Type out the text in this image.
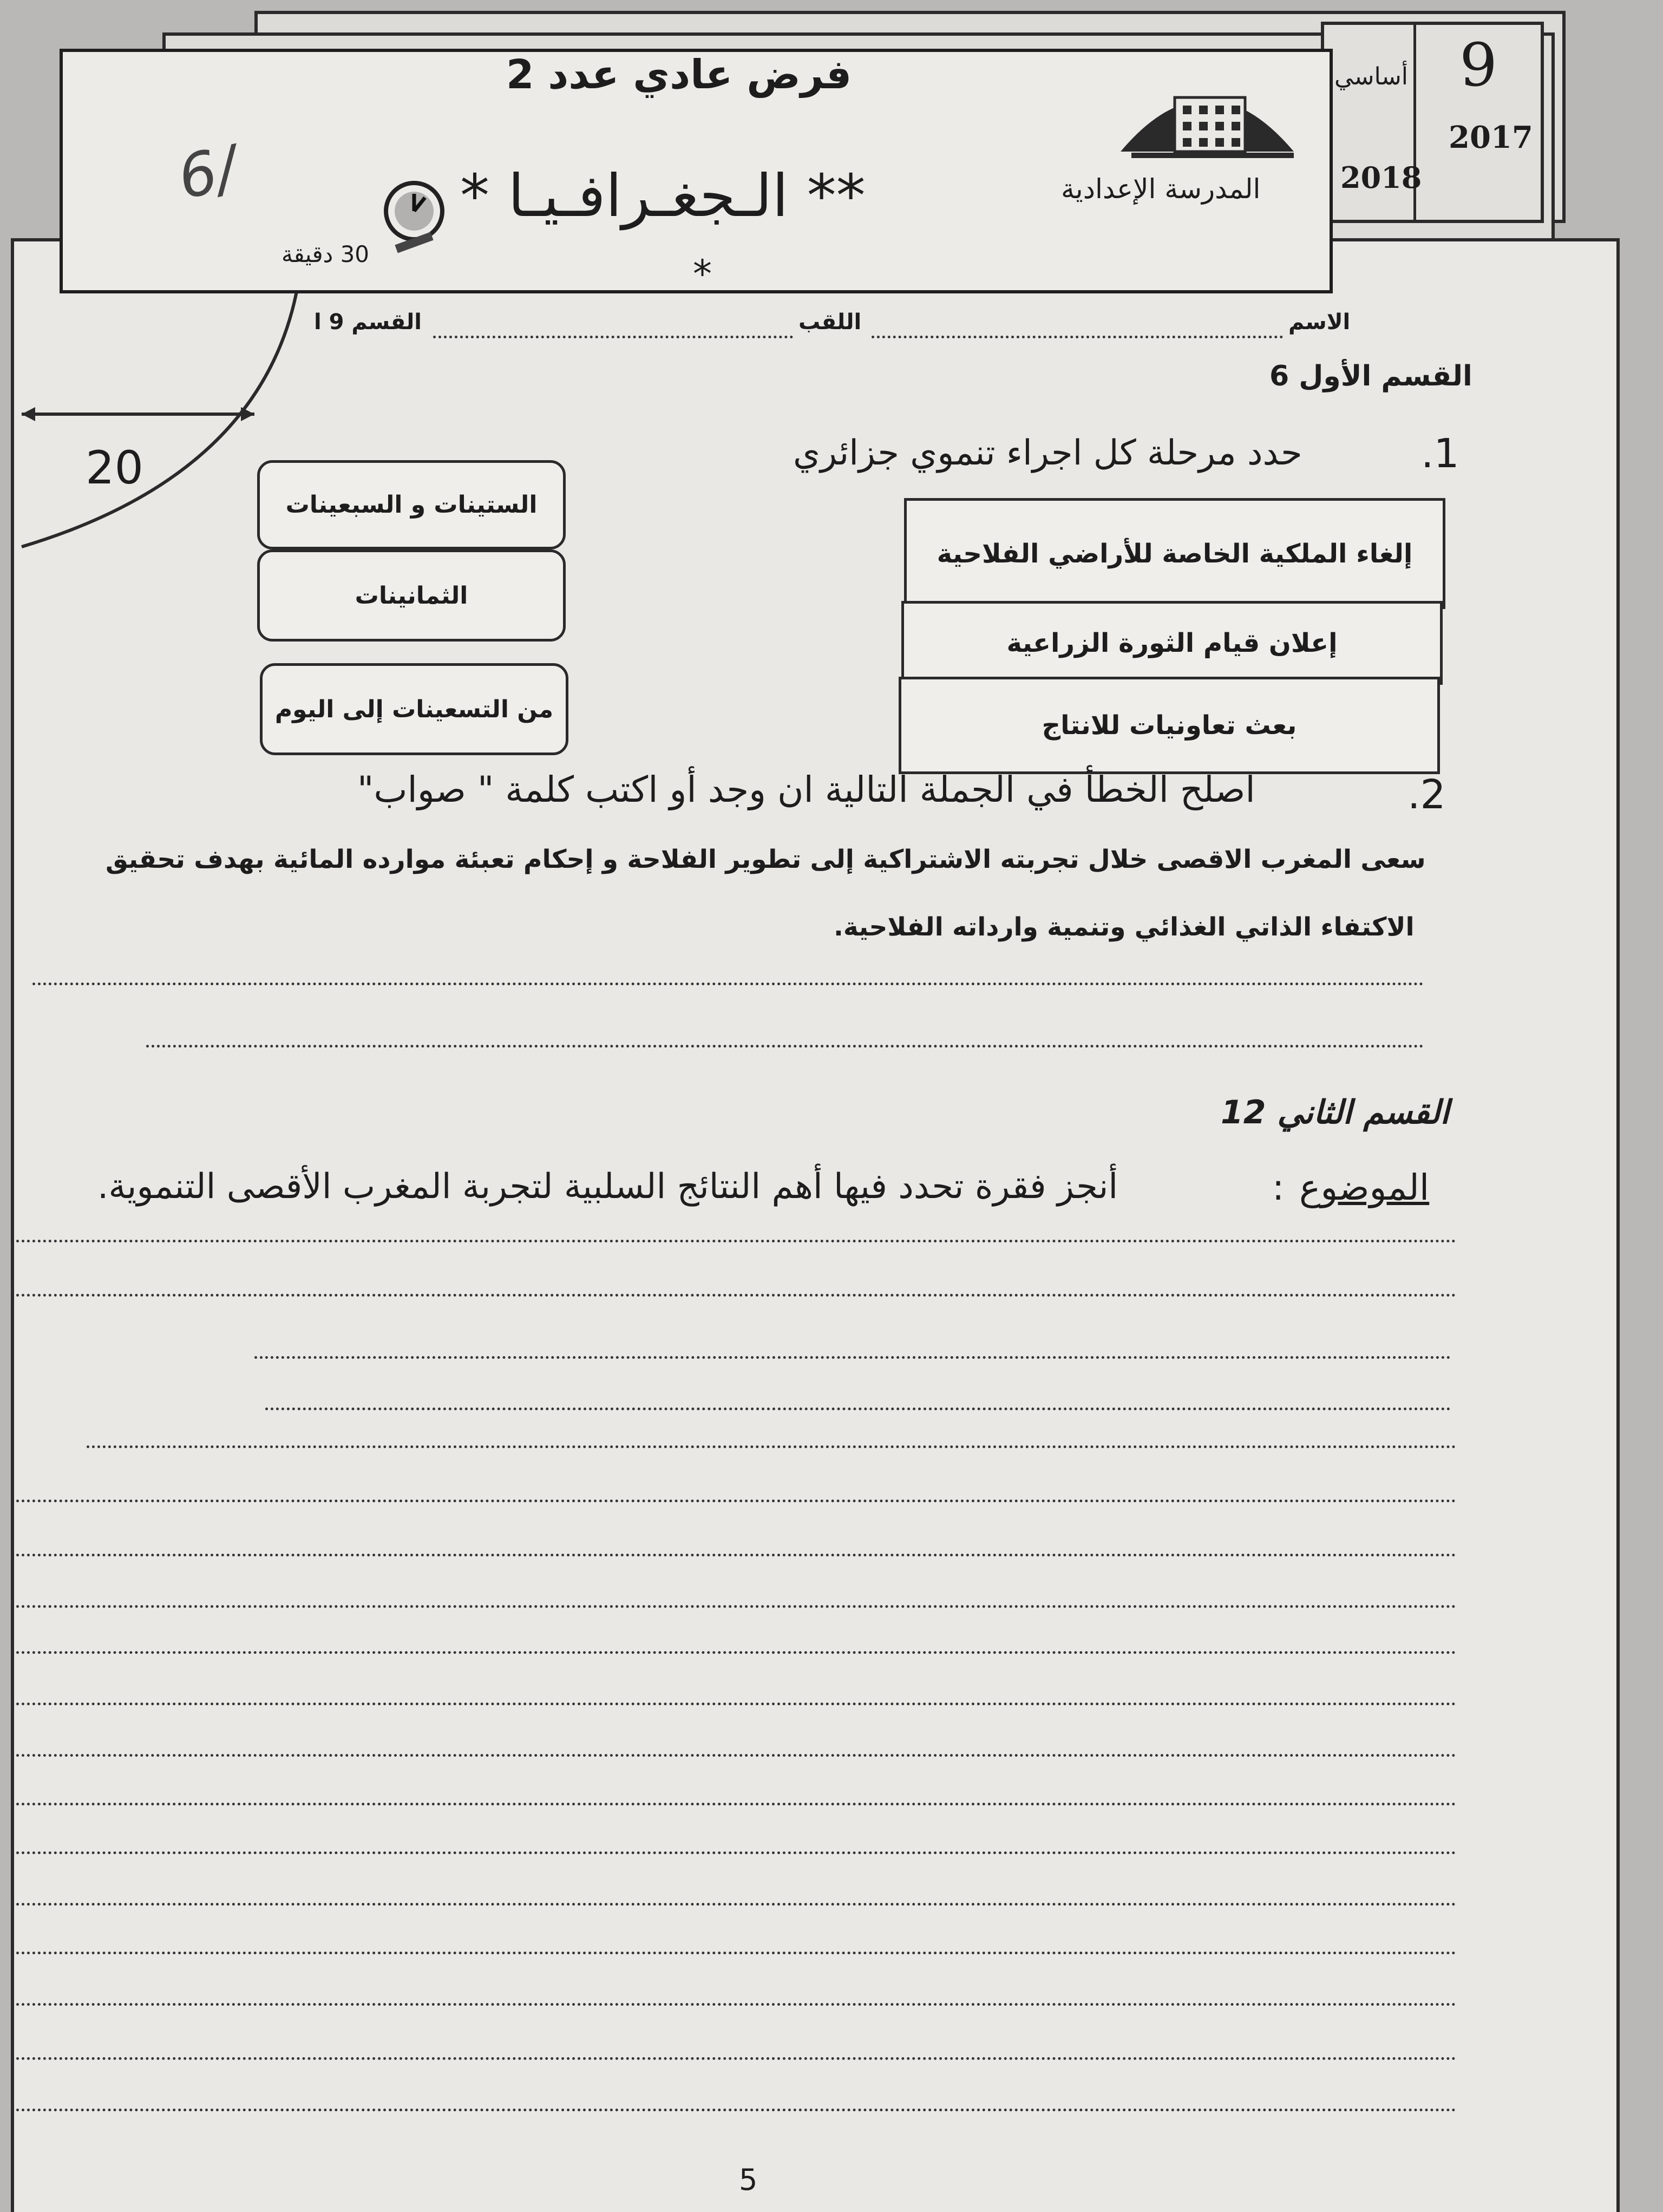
9
2017
أساسي
2018
20
فرض عادي عدد 2
** الـجغـرافـيـا *
*
المدرسة الإعدادية
30 دقيقة
6/
الاسم
اللقب
القسم 9 ا
القسم الأول 6
.1
حدد مرحلة كل اجراء تنموي جزائري
الستينات و السبعينات
الثمانينات
من التسعينات إلى اليوم
إلغاء الملكية الخاصة للأراضي الفلاحية
إعلان قيام الثورة الزراعية
بعث تعاونيات للانتاج
.2
اصلح الخطأ في الجملة التالية ان وجد أو اكتب كلمة " صواب"
سعى المغرب الاقصى خلال تجربته الاشتراكية إلى تطوير الفلاحة و إحكام تعبئة موارده المائية بهدف تحقيق
الاكتفاء الذاتي الغذائي وتنمية وارداته الفلاحية.
القسم الثاني 12
الموضوع
:
أنجز فقرة تحدد فيها أهم النتائج السلبية لتجربة المغرب الأقصى التنموية.
5
